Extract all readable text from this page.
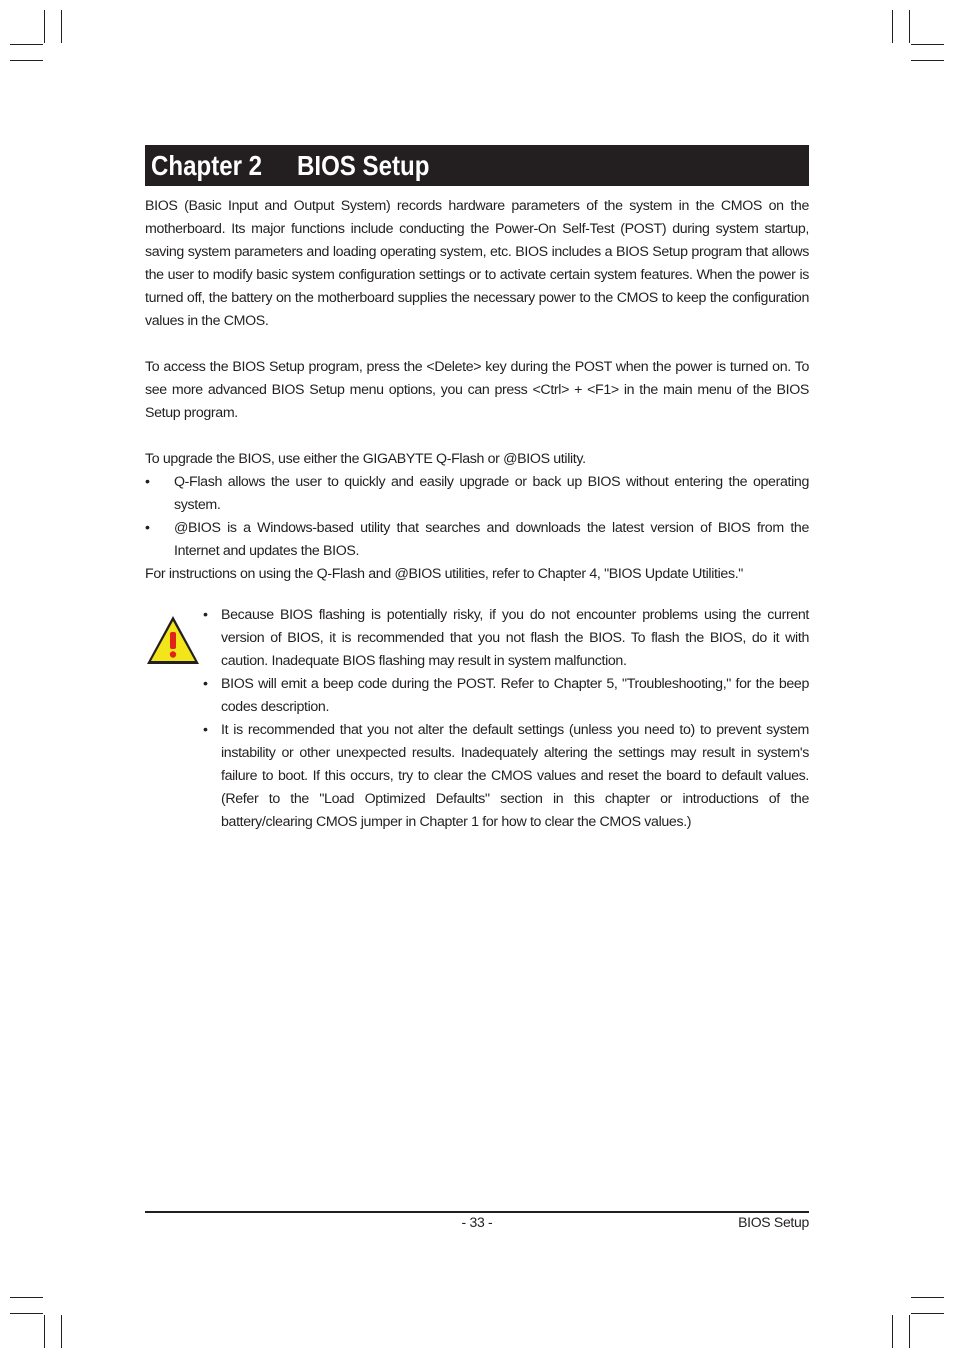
Chapter 2	BIOS Setup

BIOS (Basic Input and Output System) records hardware parameters of the system in the CMOS on the motherboard. Its major functions include conducting the Power-On Self-Test (POST) during system startup, saving system parameters and loading operating system, etc. BIOS includes a BIOS Setup program that allows the user to modify basic system configuration settings or to activate certain system features. When the power is turned off, the battery on the motherboard supplies the necessary power to the CMOS to keep the configuration values in the CMOS.

To access the BIOS Setup program, press the <Delete> key during the POST when the power is turned on. To see more advanced BIOS Setup menu options, you can press <Ctrl> + <F1> in the main menu of the BIOS Setup program.

To upgrade the BIOS, use either the GIGABYTE Q-Flash or @BIOS utility.

• Q-Flash allows the user to quickly and easily upgrade or back up BIOS without entering the operating system.
• @BIOS is a Windows-based utility that searches and downloads the latest version of BIOS from the Internet and updates the BIOS.

For instructions on using the Q-Flash and @BIOS utilities, refer to Chapter 4, "BIOS Update Utilities."

• Because BIOS flashing is potentially risky, if you do not encounter problems using the current version of BIOS, it is recommended that you not flash the BIOS. To flash the BIOS, do it with caution. Inadequate BIOS flashing may result in system malfunction.
• BIOS will emit a beep code during the POST. Refer to Chapter 5, "Troubleshooting," for the beep codes description.
• It is recommended that you not alter the default settings (unless you need to) to prevent system instability or other unexpected results. Inadequately altering the settings may result in system's failure to boot. If this occurs, try to clear the CMOS values and reset the board to default values. (Refer to the "Load Optimized Defaults" section in this chapter or introductions of the battery/clearing CMOS jumper in Chapter 1 for how to clear the CMOS values.)
- 33 -	BIOS Setup
